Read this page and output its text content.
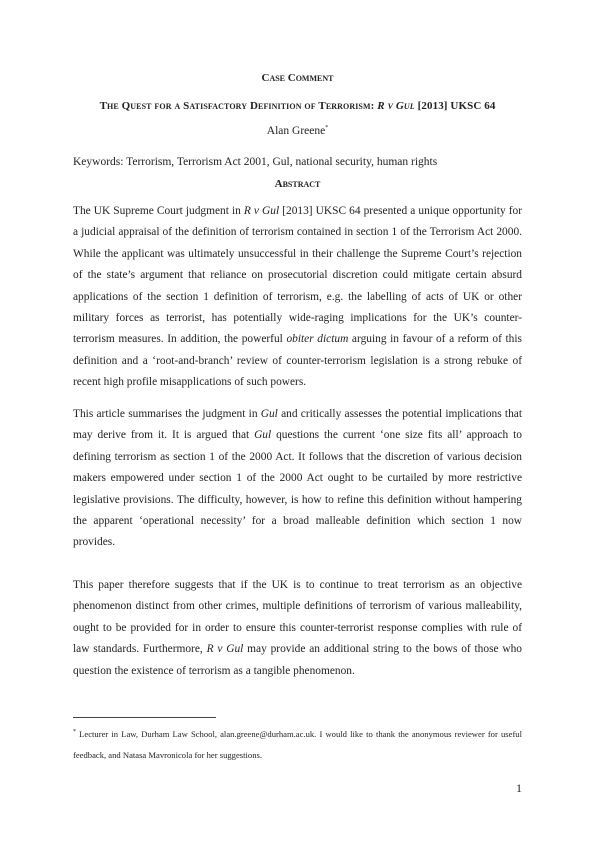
Case Comment
The Quest for a Satisfactory Definition of Terrorism: R v Gul [2013] UKSC 64
Alan Greene*
Keywords: Terrorism, Terrorism Act 2001, Gul, national security, human rights
Abstract

The UK Supreme Court judgment in R v Gul [2013] UKSC 64 presented a unique opportunity for a judicial appraisal of the definition of terrorism contained in section 1 of the Terrorism Act 2000. While the applicant was ultimately unsuccessful in their challenge the Supreme Court’s rejection of the state’s argument that reliance on prosecutorial discretion could mitigate certain absurd applications of the section 1 definition of terrorism, e.g. the labelling of acts of UK or other military forces as terrorist, has potentially wide-raging implications for the UK’s counter-terrorism measures. In addition, the powerful obiter dictum arguing in favour of a reform of this definition and a ‘root-and-branch’ review of counter-terrorism legislation is a strong rebuke of recent high profile misapplications of such powers.

This article summarises the judgment in Gul and critically assesses the potential implications that may derive from it. It is argued that Gul questions the current ‘one size fits all’ approach to defining terrorism as section 1 of the 2000 Act. It follows that the discretion of various decision makers empowered under section 1 of the 2000 Act ought to be curtailed by more restrictive legislative provisions. The difficulty, however, is how to refine this definition without hampering the apparent ‘operational necessity’ for a broad malleable definition which section 1 now provides.

This paper therefore suggests that if the UK is to continue to treat terrorism as an objective phenomenon distinct from other crimes, multiple definitions of terrorism of various malleability, ought to be provided for in order to ensure this counter-terrorist response complies with rule of law standards. Furthermore, R v Gul may provide an additional string to the bows of those who question the existence of terrorism as a tangible phenomenon.

* Lecturer in Law, Durham Law School, alan.greene@durham.ac.uk. I would like to thank the anonymous reviewer for useful feedback, and Natasa Mavronicola for her suggestions.

1
